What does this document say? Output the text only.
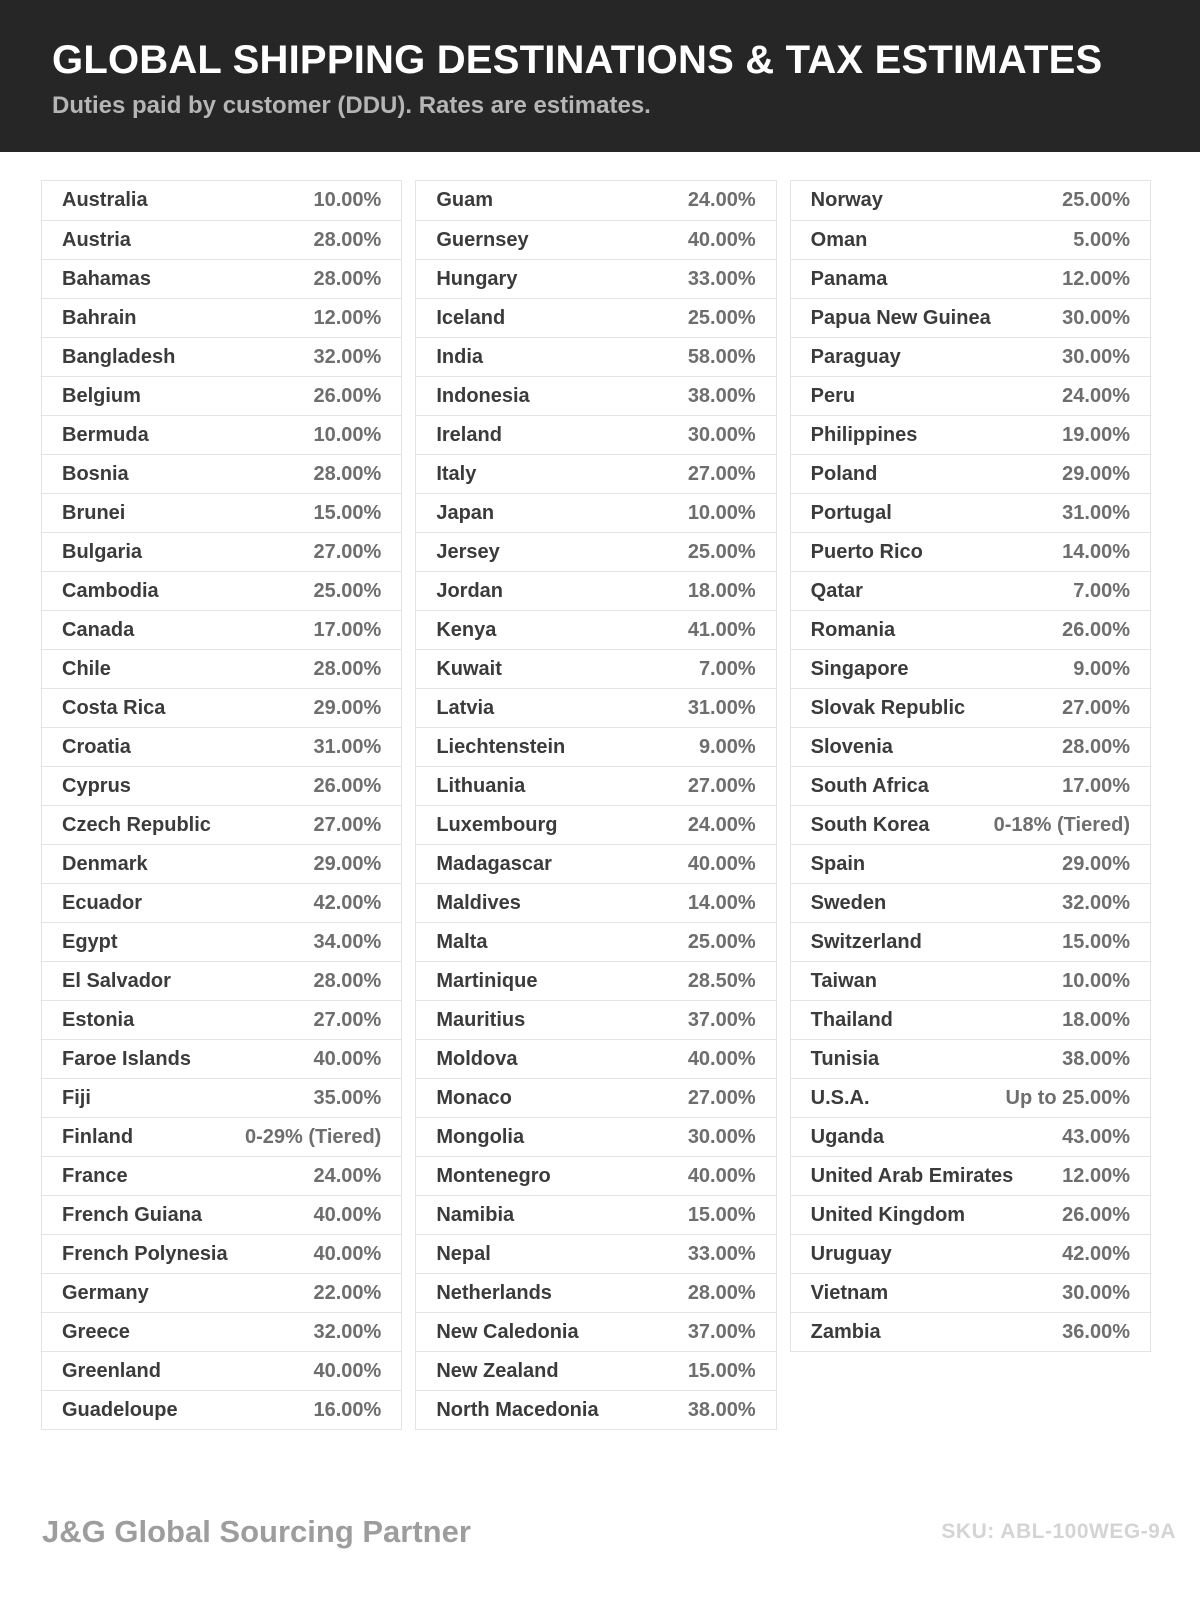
GLOBAL SHIPPING DESTINATIONS & TAX ESTIMATES
Duties paid by customer (DDU). Rates are estimates.
Australia	10.00%
Austria	28.00%
Bahamas	28.00%
Bahrain	12.00%
Bangladesh	32.00%
Belgium	26.00%
Bermuda	10.00%
Bosnia	28.00%
Brunei	15.00%
Bulgaria	27.00%
Cambodia	25.00%
Canada	17.00%
Chile	28.00%
Costa Rica	29.00%
Croatia	31.00%
Cyprus	26.00%
Czech Republic	27.00%
Denmark	29.00%
Ecuador	42.00%
Egypt	34.00%
El Salvador	28.00%
Estonia	27.00%
Faroe Islands	40.00%
Fiji	35.00%
Finland	0-29% (Tiered)
France	24.00%
French Guiana	40.00%
French Polynesia	40.00%
Germany	22.00%
Greece	32.00%
Greenland	40.00%
Guadeloupe	16.00%
Guam	24.00%
Guernsey	40.00%
Hungary	33.00%
Iceland	25.00%
India	58.00%
Indonesia	38.00%
Ireland	30.00%
Italy	27.00%
Japan	10.00%
Jersey	25.00%
Jordan	18.00%
Kenya	41.00%
Kuwait	7.00%
Latvia	31.00%
Liechtenstein	9.00%
Lithuania	27.00%
Luxembourg	24.00%
Madagascar	40.00%
Maldives	14.00%
Malta	25.00%
Martinique	28.50%
Mauritius	37.00%
Moldova	40.00%
Monaco	27.00%
Mongolia	30.00%
Montenegro	40.00%
Namibia	15.00%
Nepal	33.00%
Netherlands	28.00%
New Caledonia	37.00%
New Zealand	15.00%
North Macedonia	38.00%
Norway	25.00%
Oman	5.00%
Panama	12.00%
Papua New Guinea	30.00%
Paraguay	30.00%
Peru	24.00%
Philippines	19.00%
Poland	29.00%
Portugal	31.00%
Puerto Rico	14.00%
Qatar	7.00%
Romania	26.00%
Singapore	9.00%
Slovak Republic	27.00%
Slovenia	28.00%
South Africa	17.00%
South Korea	0-18% (Tiered)
Spain	29.00%
Sweden	32.00%
Switzerland	15.00%
Taiwan	10.00%
Thailand	18.00%
Tunisia	38.00%
U.S.A.	Up to 25.00%
Uganda	43.00%
United Arab Emirates 12.00%
United Kingdom	26.00%
Uruguay	42.00%
Vietnam	30.00%
Zambia	36.00%
J&G Global Sourcing Partner	SKU: ABL-100WEG-9A
